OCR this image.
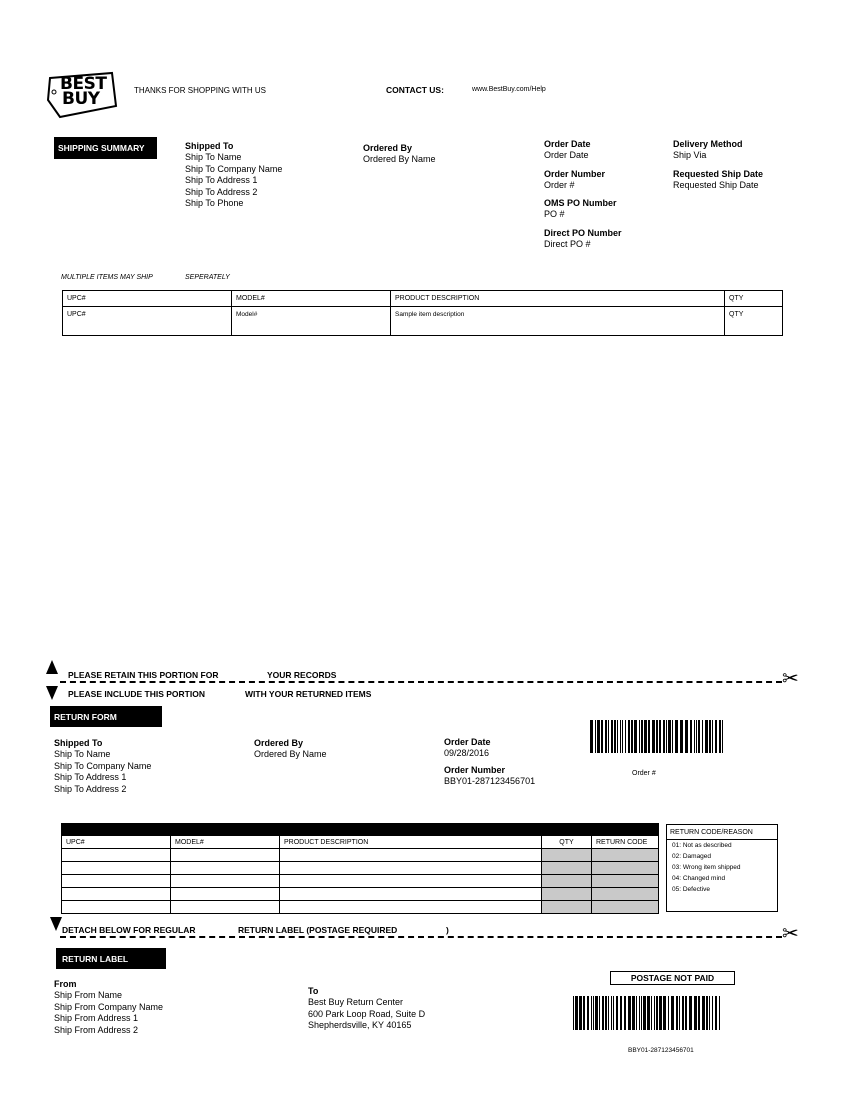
BEST
BUY	THANKS FOR SHOPPING WITH US	CONTACT US:	www.BestBuy.com/Help
SHIPPING SUMMARY	Shipped To
Ship To Name
Ship To Company Name
Ship To Address 1
Ship To Address 2
Ship To Phone
Ordered By
Ordered By Name
Order Date
Order Date
Order Number
Order #
OMS PO Number
PO #
Direct PO Number
Direct PO #
Delivery Method
Ship Via
Requested Ship Date
Requested Ship Date
MULTIPLE ITEMS MAY SHIP	SEPERATELY
UPC#	MODEL#	PRODUCT DESCRIPTION	QTY
UPC#	Model#	Sample item description	QTY
PLEASE RETAIN THIS PORTION FOR	YOUR RECORDS	✂
PLEASE INCLUDE THIS PORTION	WITH YOUR RETURNED ITEMS
RETURN FORM
Shipped To
Ship To Name
Ship To Company Name
Ship To Address 1
Ship To Address 2
Ordered By
Ordered By Name
Order Date
09/28/2016
Order Number
BBY01-287123456701
Order #
UPC#	MODEL#	PRODUCT DESCRIPTION	QTY	RETURN CODE

RETURN CODE/REASON
01: Not as described
02: Damaged
03: Wrong item shipped
04: Changed mind
05: Defective
DETACH BELOW FOR REGULAR	RETURN LABEL (POSTAGE REQUIRED	)	✂
RETURN LABEL
From
Ship From Name
Ship From Company Name
Ship From Address 1
Ship From Address 2
To
Best Buy Return Center
600 Park Loop Road, Suite D
Shepherdsville, KY 40165
POSTAGE NOT PAID
BBY01-287123456701
